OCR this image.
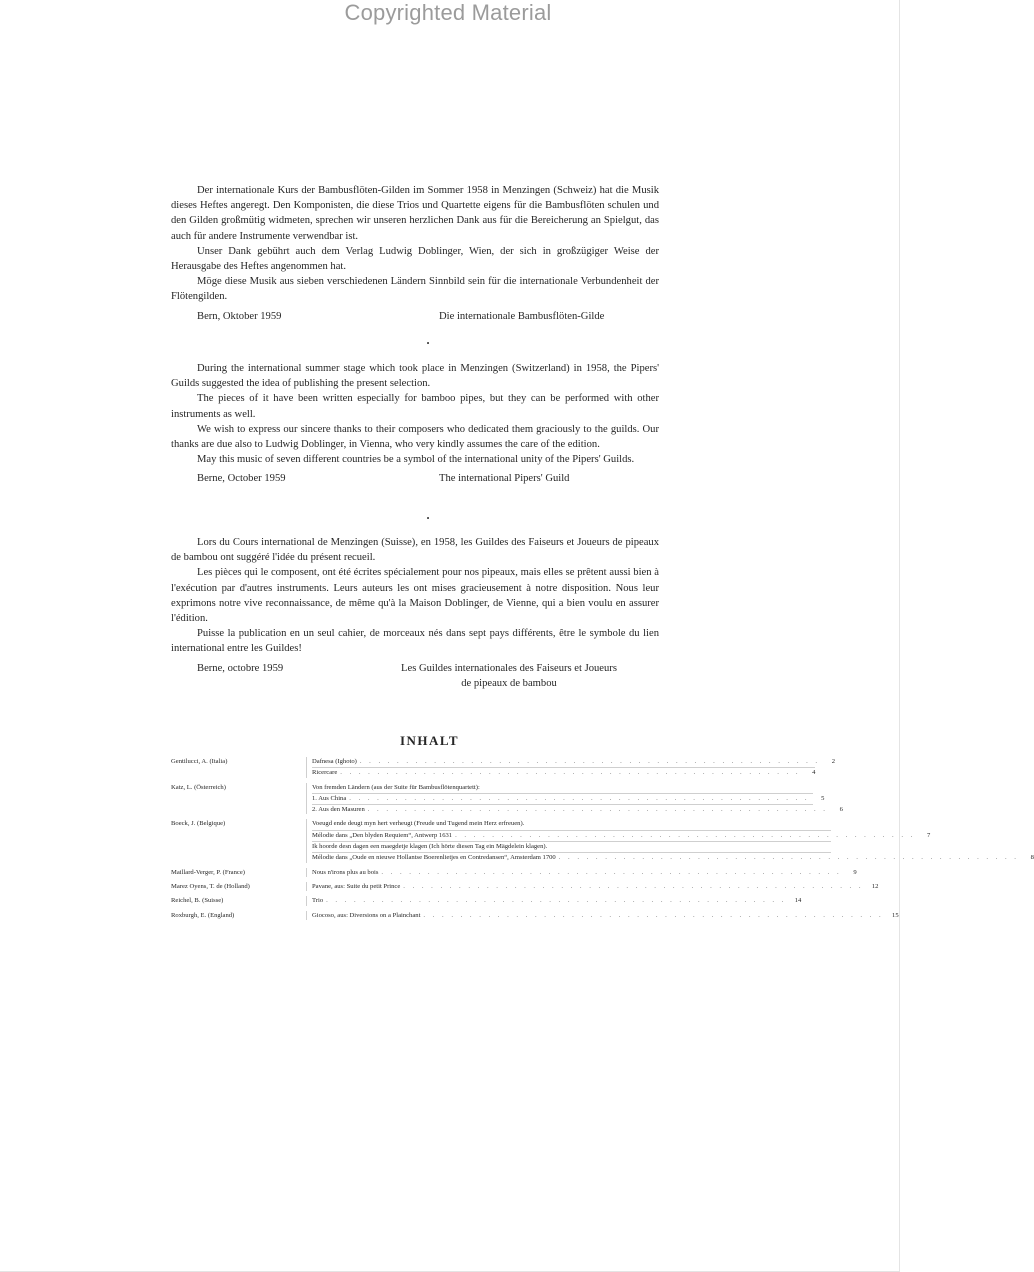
Copyrighted Material

Der internationale Kurs der Bambusflöten-Gilden im Sommer 1958 in Menzingen (Schweiz) hat die Musik dieses Heftes angeregt. Den Komponisten, die diese Trios und Quartette eigens für die Bambusflöten schulen und den Gilden großmütig widmeten, sprechen wir unseren herzlichen Dank aus für die Bereicherung an Spielgut, das auch für andere Instrumente verwendbar ist.

Unser Dank gebührt auch dem Verlag Ludwig Doblinger, Wien, der sich in großzügiger Weise der Herausgabe des Heftes angenommen hat.

Möge diese Musik aus sieben verschiedenen Ländern Sinnbild sein für die internationale Verbundenheit der Flötengilden.

Bern, Oktober 1959	Die internationale Bambusflöten-Gilde
•

During the international summer stage which took place in Menzingen (Switzerland) in 1958, the Pipers' Guilds suggested the idea of publishing the present selection.

The pieces of it have been written especially for bamboo pipes, but they can be performed with other instruments as well.

We wish to express our sincere thanks to their composers who dedicated them graciously to the guilds. Our thanks are due also to Ludwig Doblinger, in Vienna, who very kindly assumes the care of the edition.

May this music of seven different countries be a symbol of the international unity of the Pipers' Guilds.

Berne, October 1959	The international Pipers' Guild
•

Lors du Cours international de Menzingen (Suisse), en 1958, les Guildes des Faiseurs et Joueurs de pipeaux de bambou ont suggéré l'idée du présent recueil.

Les pièces qui le composent, ont été écrites spécialement pour nos pipeaux, mais elles se prêtent aussi bien à l'exécution par d'autres instruments. Leurs auteurs les ont mises gracieusement à notre disposition. Nous leur exprimons notre vive reconnaissance, de même qu'à la Maison Doblinger, de Vienne, qui a bien voulu en assurer l'édition.

Puisse la publication en un seul cahier, de morceaux nés dans sept pays différents, être le symbole du lien international entre les Guildes!

Berne, octobre 1959	Les Guildes internationales des Faiseurs et Joueurs
de pipeaux de bambou
INHALT
Gentilucci, A. (Italia)	Dafnesa (Ighoto) . . . . . . . . . . . . . . . . . . . . . . . . . . . . . . . . . . . . . . . . . . . . . . . . . .	2
Ricercare . . . . . . . . . . . . . . . . . . . . . . . . . . . . . . . . . . . . . . . . . . . . . . . . . .	4
Katz, L. (Österreich)	Von fremden Ländern (aus der Suite für Bambusflötenquartett):
1. Aus China . . . . . . . . . . . . . . . . . . . . . . . . . . . . . . . . . . . . . . . . . . . . . . . . . .	5
2. Aus den Masuren . . . . . . . . . . . . . . . . . . . . . . . . . . . . . . . . . . . . . . . . . . . . . . . . . .	6
Boeck, J. (Belgique)	Voeugd ende deugt myn hert verheugt (Freude und Tugend mein Herz erfreuen).
Mélodie dans „Den blyden Requiem“, Antwerp 1631 . . . . . . . . . . . . . . . . . . . . . . . . . . . . . . . . . . . . . . . . . . . . . . . . . .	7
Ik hoorde desn dagen een maegdetje klagen (Ich hörte diesen Tag ein Mägdelein klagen).
Mélodie dans „Oude en nieuwe Hollantse Boerenlietjes en Contredansen“, Amsterdam 1700 . . . . . . . . . . . . . . . . . . . . . . . . . . . . . . . . . . . . . . . . . . . . . . . . . .	8
Maillard-Verger, P. (France)	Nous n'irons plus au bois . . . . . . . . . . . . . . . . . . . . . . . . . . . . . . . . . . . . . . . . . . . . . . . . . .	9
Marez Oyens, T. de (Holland)	Pavane, aus: Suite du petit Prince . . . . . . . . . . . . . . . . . . . . . . . . . . . . . . . . . . . . . . . . . . . . . . . . . .	12
Reichel, B. (Suisse)	Trio . . . . . . . . . . . . . . . . . . . . . . . . . . . . . . . . . . . . . . . . . . . . . . . . . .	14
Roxburgh, E. (England)	Giocoso, aus: Diversions on a Plainchant . . . . . . . . . . . . . . . . . . . . . . . . . . . . . . . . . . . . . . . . . . . . . . . . . .	15
